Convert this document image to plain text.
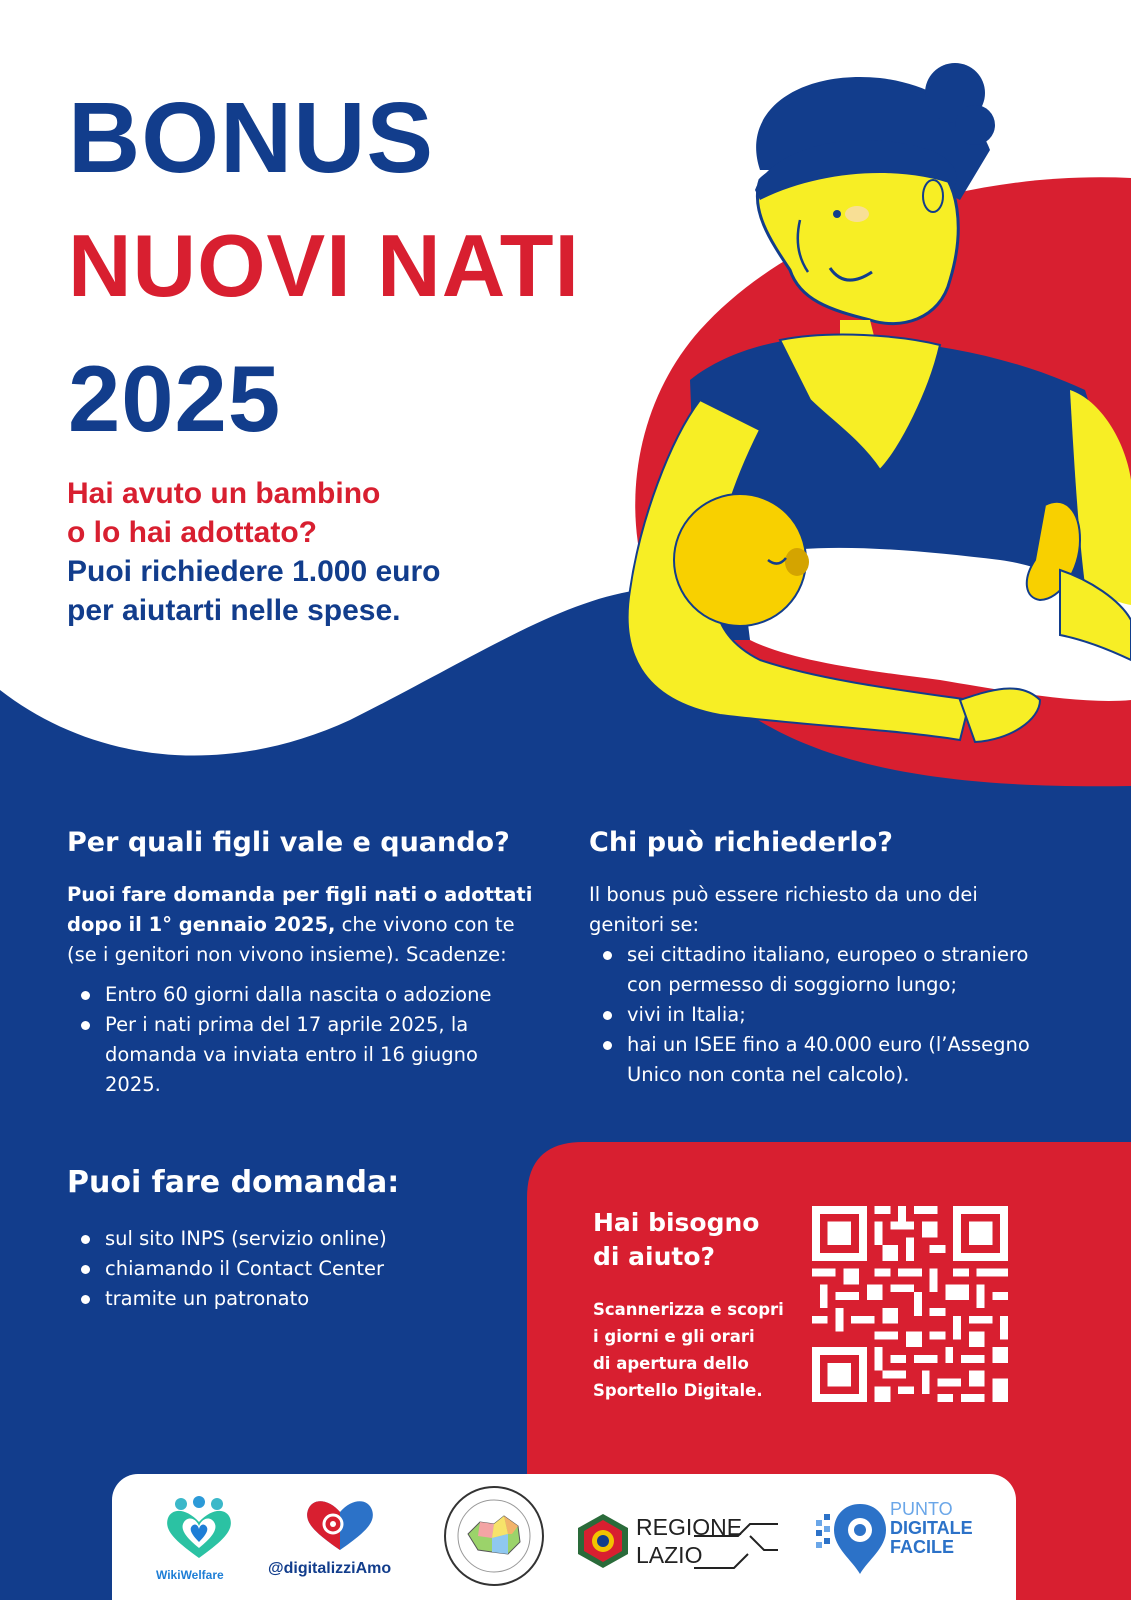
BONUS
NUOVI NATI
2025
Hai avuto un bambino
o lo hai adottato?
Puoi richiedere 1.000 euro
per aiutarti nelle spese.
Per quali figli vale e quando?

Puoi fare domanda per figli nati o adottati dopo il 1° gennaio 2025, che vivono con te (se i genitori non vivono insieme). Scadenze:

Entro 60 giorni dalla nascita o adozione
Per i nati prima del 17 aprile 2025, la domanda va inviata entro il 16 giugno 2025.
Chi può richiederlo?

Il bonus può essere richiesto da uno dei genitori se:

sei cittadino italiano, europeo o straniero con permesso di soggiorno lungo;
vivi in Italia;
hai un ISEE fino a 40.000 euro (l’Assegno Unico non conta nel calcolo).
Puoi fare domanda:
sul sito INPS (servizio online)
chiamando il Contact Center
tramite un patronato
Hai bisogno
di aiuto?

Scannerizza e scopri
i giorni e gli orari
di apertura dello
Sportello Digitale.

WikiWelfare	@digitalizziAmo
REGIONE
LAZIO
PUNTO
DIGITALE
FACILE
